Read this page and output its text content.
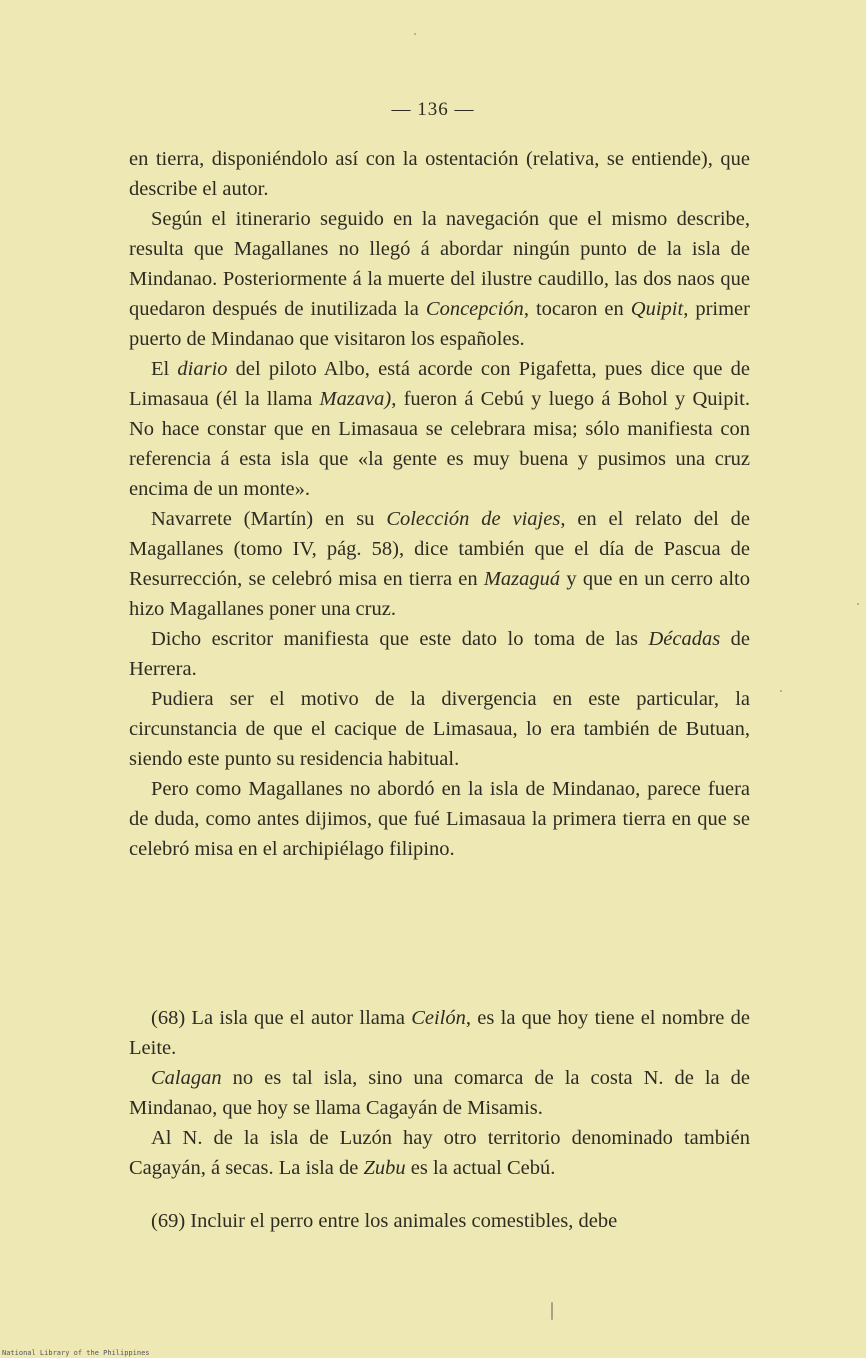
— 136 —

en tierra, disponiéndolo así con la ostentación (relativa, se entiende), que describe el autor.

Según el itinerario seguido en la navegación que el mismo describe, resulta que Magallanes no llegó á abordar ningún punto de la isla de Mindanao. Posteriormente á la muerte del ilustre caudillo, las dos naos que quedaron después de inutilizada la Concepción, tocaron en Quipit, primer puerto de Mindanao que visitaron los españoles.

El diario del piloto Albo, está acorde con Pigafetta, pues dice que de Limasaua (él la llama Mazava), fueron á Cebú y luego á Bohol y Quipit. No hace constar que en Limasaua se celebrara misa; sólo manifiesta con referencia á esta isla que «la gente es muy buena y pusimos una cruz encima de un monte».

Navarrete (Martín) en su Colección de viajes, en el relato del de Magallanes (tomo IV, pág. 58), dice también que el día de Pascua de Resurrección, se celebró misa en tierra en Mazaguá y que en un cerro alto hizo Magallanes poner una cruz.

Dicho escritor manifiesta que este dato lo toma de las Décadas de Herrera.

Pudiera ser el motivo de la divergencia en este particular, la circunstancia de que el cacique de Limasaua, lo era también de Butuan, siendo este punto su residencia habitual.

Pero como Magallanes no abordó en la isla de Mindanao, parece fuera de duda, como antes dijimos, que fué Limasaua la primera tierra en que se celebró misa en el archipiélago filipino.

(68) La isla que el autor llama Ceilón, es la que hoy tiene el nombre de Leite.

Calagan no es tal isla, sino una comarca de la costa N. de la de Mindanao, que hoy se llama Cagayán de Misamis.

Al N. de la isla de Luzón hay otro territorio denominado también Cagayán, á secas. La isla de Zubu es la actual Cebú.

(69) Incluir el perro entre los animales comestibles, debe

National Library of the Philippines
